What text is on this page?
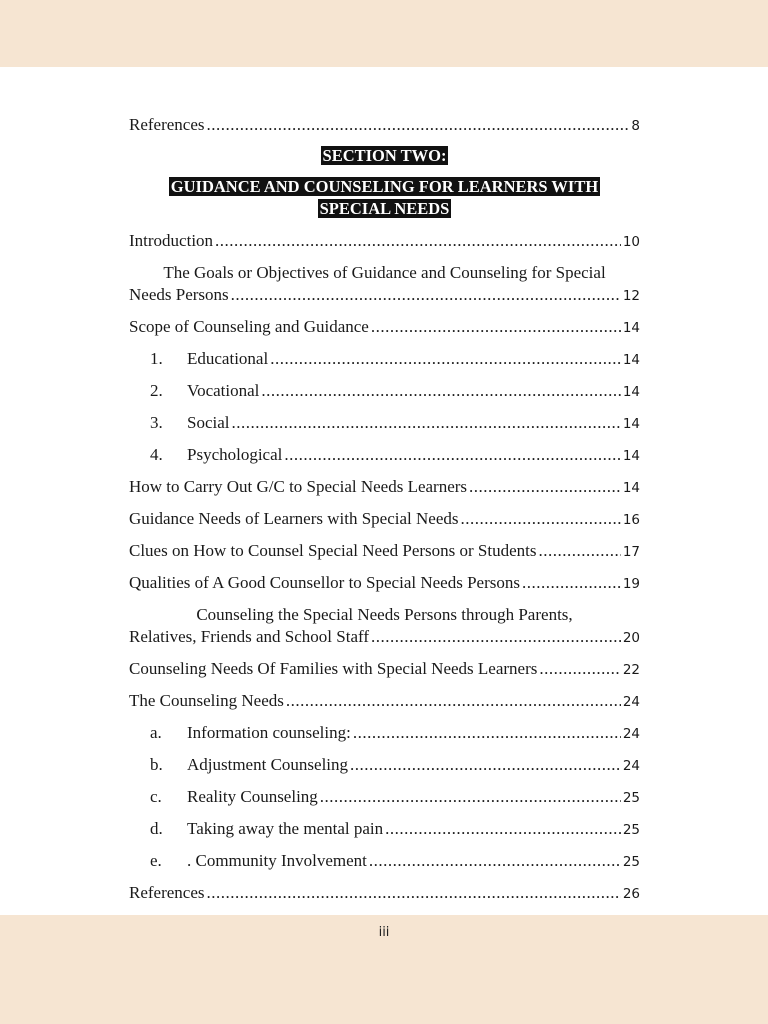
References .....	8
SECTION TWO:
GUIDANCE AND COUNSELING FOR LEARNERS WITH
SPECIAL NEEDS
Introduction .....	10
The Goals or Objectives of Guidance and Counseling for Special
Needs Persons .....	12
Scope of Counseling and Guidance .....	14
1. Educational .....	14
2. Vocational .....	14
3. Social .....	14
4. Psychological .....	14
How to Carry Out G/C to Special Needs Learners .....	14
Guidance Needs of Learners with Special Needs .....	16
Clues on How to Counsel Special Need Persons or Students .....	17
Qualities of A Good Counsellor to Special Needs Persons .....	19
Counseling the Special Needs Persons through Parents,
Relatives, Friends and School Staff .....	20
Counseling Needs Of Families with Special Needs Learners .....	22
The Counseling Needs .....	24
a. Information counseling: .....	24
b. Adjustment Counseling .....	24
c. Reality Counseling .....	25
d. Taking away the mental pain .....	25
e. . Community Involvement .....	25
References .....	26
iii
